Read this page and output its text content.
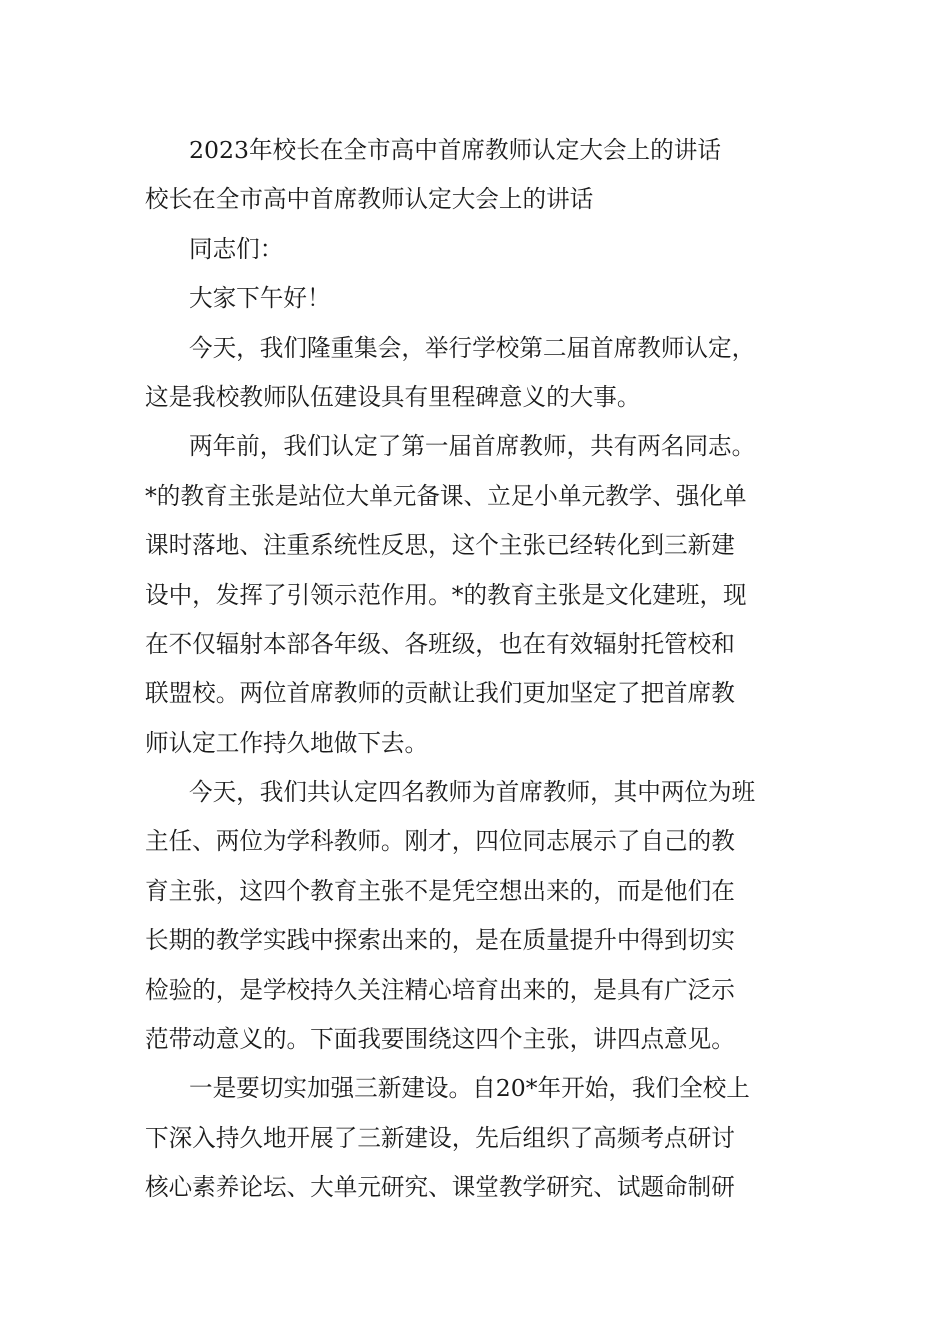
2023年校长在全市高中首席教师认定大会上的讲话
校长在全市高中首席教师认定大会上的讲话
同志们：
大家下午好！
今天，我们隆重集会，举行学校第二届首席教师认定，
这是我校教师队伍建设具有里程碑意义的大事。
两年前，我们认定了第一届首席教师，共有两名同志。
*的教育主张是站位大单元备课、立足小单元教学、强化单
课时落地、注重系统性反思，这个主张已经转化到三新建
设中，发挥了引领示范作用。*的教育主张是文化建班，现
在不仅辐射本部各年级、各班级，也在有效辐射托管校和
联盟校。两位首席教师的贡献让我们更加坚定了把首席教
师认定工作持久地做下去。
今天，我们共认定四名教师为首席教师，其中两位为班
主任、两位为学科教师。刚才，四位同志展示了自己的教
育主张，这四个教育主张不是凭空想出来的，而是他们在
长期的教学实践中探索出来的，是在质量提升中得到切实
检验的，是学校持久关注精心培育出来的，是具有广泛示
范带动意义的。下面我要围绕这四个主张，讲四点意见。
一是要切实加强三新建设。自20*年开始，我们全校上
下深入持久地开展了三新建设，先后组织了高频考点研讨
核心素养论坛、大单元研究、课堂教学研究、试题命制研
